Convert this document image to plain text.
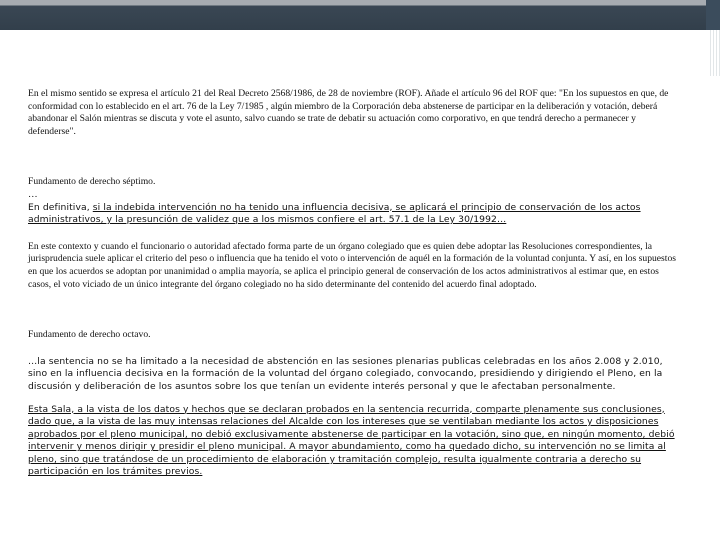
En el mismo sentido se expresa el artículo 21 del Real Decreto 2568/1986, de 28 de noviembre (ROF). Añade el artículo 96 del ROF que: "En los supuestos en que, de conformidad con lo establecido en el art. 76 de la Ley 7/1985 , algún miembro de la Corporación deba abstenerse de participar en la deliberación y votación, deberá abandonar el Salón mientras se discuta y vote el asunto, salvo cuando se trate de debatir su actuación como corporativo, en que tendrá derecho a permanecer y defenderse".

Fundamento de derecho séptimo.

…

En definitiva, si la indebida intervención no ha tenido una influencia decisiva, se aplicará el principio de conservación de los actos administrativos, y la presunción de validez que a los mismos confiere el art. 57.1 de la Ley 30/1992…

En este contexto y cuando el funcionario o autoridad afectado forma parte de un órgano colegiado que es quien debe adoptar las Resoluciones correspondientes, la jurisprudencia suele aplicar el criterio del peso o influencia que ha tenido el voto o intervención de aquél en la formación de la voluntad conjunta. Y así, en los supuestos en que los acuerdos se adoptan por unanimidad o amplia mayoría, se aplica el principio general de conservación de los actos administrativos al estimar que, en estos casos, el voto viciado de un único integrante del órgano colegiado no ha sido determinante del contenido del acuerdo final adoptado.

Fundamento de derecho octavo.

…la sentencia no se ha limitado a la necesidad de abstención en las sesiones plenarias publicas celebradas en los años 2.008 y 2.010, sino en la influencia decisiva en la formación de la voluntad del órgano colegiado, convocando, presidiendo y dirigiendo el Pleno, en la discusión y deliberación de los asuntos sobre los que tenían un evidente interés personal y que le afectaban personalmente.

Esta Sala, a la vista de los datos y hechos que se declaran probados en la sentencia recurrida, comparte plenamente sus conclusiones, dado que, a la vista de las muy intensas relaciones del Alcalde con los intereses que se ventilaban mediante los actos y disposiciones aprobados por el pleno municipal, no debió exclusivamente abstenerse de participar en la votación, sino que, en ningún momento, debió intervenir y menos dirigir y presidir el pleno municipal. A mayor abundamiento, como ha quedado dicho, su intervención no se limita al pleno, sino que tratándose de un procedimiento de elaboración y tramitación complejo, resulta igualmente contraria a derecho su participación en los trámites previos.
